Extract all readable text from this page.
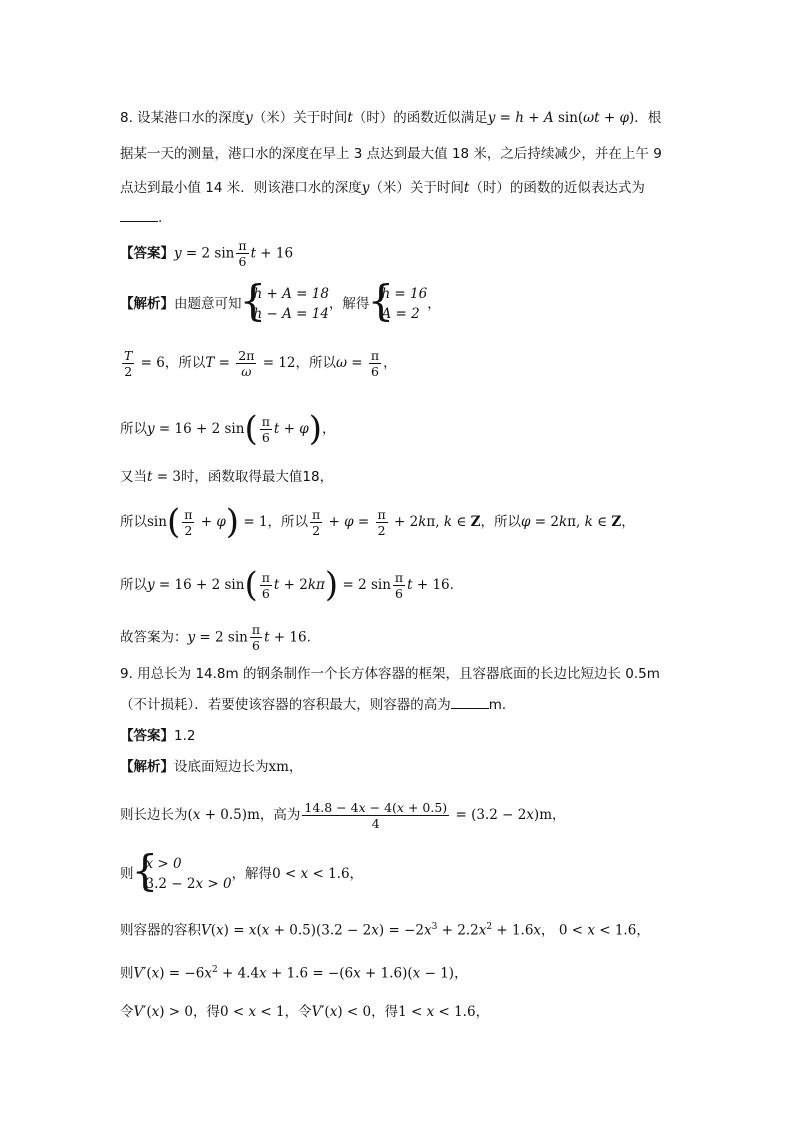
8. 设某港口水的深度y（米）关于时间t（时）的函数近似满足y = h + A sin(ωt + φ)．根
据某一天的测量，港口水的深度在早上 3 点达到最大值 18 米，之后持续减少，并在上午 9
点达到最小值 14 米．则该港口水的深度y（米）关于时间t（时）的函数的近似表达式为
.
【答案】y = 2 $\sin \frac{\pi}{6}$ t + 16
【解析】由题意可知
{ h + A = 18
h − A = 14
，解得
{ h = 16
A = 2
，
$\frac{T}{2} = 6$，所以$T = \frac{2\pi}{\omega} = 12$，所以$\omega = \frac{\pi}{6}$ ，
所以y = 16 + 2 $\sin( \frac{\pi}{6}$ t + φ)，
又当t = 3时，函数取得最大值18，
所以$\sin( \frac{\pi}{2} + \varphi) = 1$，所以 $\frac{\pi}{2} + \varphi = \frac{\pi}{2} + 2k\pi$, k ∈ Z，所以φ = 2kπ, k ∈ Z，
所以y = 16 + 2 $\sin( \frac{\pi}{6}$ t + 2kπ) = 2 $\sin \frac{\pi}{6}$ t + 16.
故答案为：y = 2 $\sin \frac{\pi}{6}$ t + 16.
9. 用总长为 14.8m 的钢条制作一个长方体容器的框架，且容器底面的长边比短边长 0.5m
（不计损耗）．若要使该容器的容积最大，则容器的高为	m．
【答案】1.2
【解析】设底面短边长为xm，
则长边长为(x + 0.5)m，高为 $\frac{14.8 - 4x - 4(x + 0.5)}{4} = (3.2 - 2x)m$，
则
{ x > 0
3.2 − 2x > 0
，解得0 < x < 1.6，
则容器的容积$V(x) = x(x + 0.5)(3.2 - 2x) = -2x^3 + 2.2x^2 + 1.6x$， 0 < x < 1.6，
则$V'(x) = -6x^2 + 4.4x + 1.6 = -(6x + 1.6)(x - 1)$，
令V′(x) > 0，得0 < x < 1，令V′(x) < 0，得1 < x < 1.6，
